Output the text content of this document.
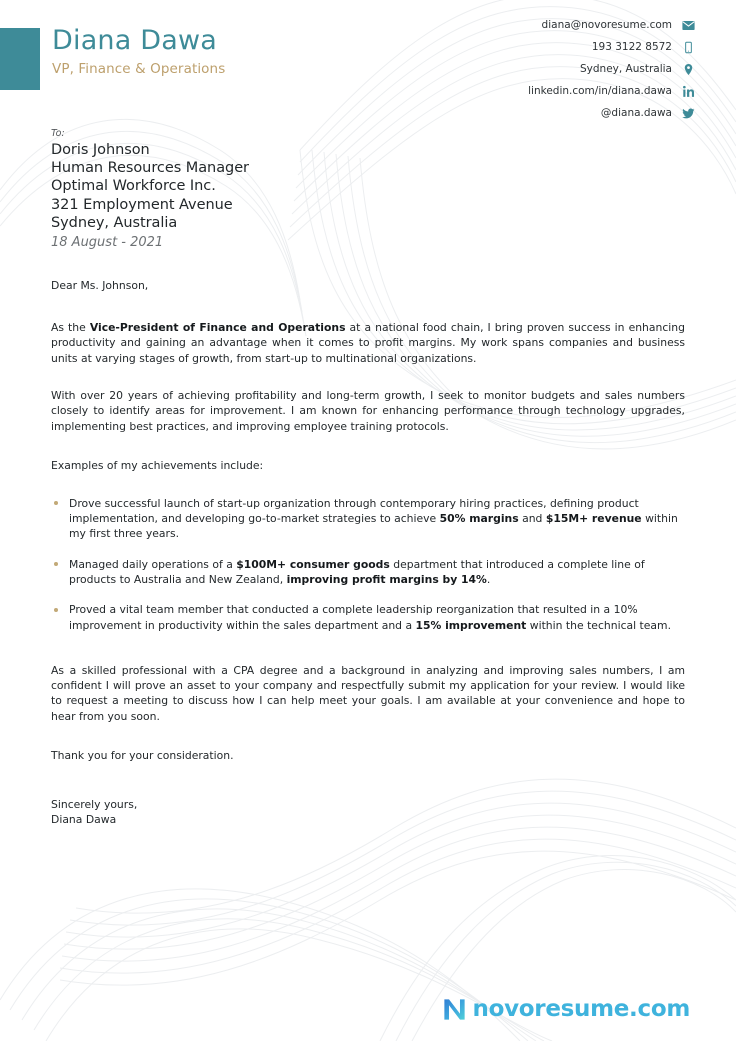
Diana Dawa
VP, Finance & Operations
diana@novoresume.com
193 3122 8572
Sydney, Australia
linkedin.com/in/diana.dawa
@diana.dawa
To:
Doris Johnson
Human Resources Manager
Optimal Workforce Inc.
321 Employment Avenue
Sydney, Australia
18 August - 2021
Dear Ms. Johnson,

As the Vice-President of Finance and Operations at a national food chain, I bring proven success in enhancing productivity and gaining an advantage when it comes to profit margins. My work spans companies and business units at varying stages of growth, from start-up to multinational organizations.

With over 20 years of achieving profitability and long-term growth, I seek to monitor budgets and sales numbers closely to identify areas for improvement. I am known for enhancing performance through technology upgrades, implementing best practices, and improving employee training protocols.

Examples of my achievements include:
Drove successful launch of start-up organization through contemporary hiring practices, defining product implementation, and developing go-to-market strategies to achieve 50% margins and $15M+ revenue within my first three years.
Managed daily operations of a $100M+ consumer goods department that introduced a complete line of products to Australia and New Zealand, improving profit margins by 14%.
Proved a vital team member that conducted a complete leadership reorganization that resulted in a 10% improvement in productivity within the sales department and a 15% improvement within the technical team.

As a skilled professional with a CPA degree and a background in analyzing and improving sales numbers, I am confident I will prove an asset to your company and respectfully submit my application for your review. I would like to request a meeting to discuss how I can help meet your goals. I am available at your convenience and hope to hear from you soon.

Thank you for your consideration.
Sincerely yours,
Diana Dawa
novoresume.com
